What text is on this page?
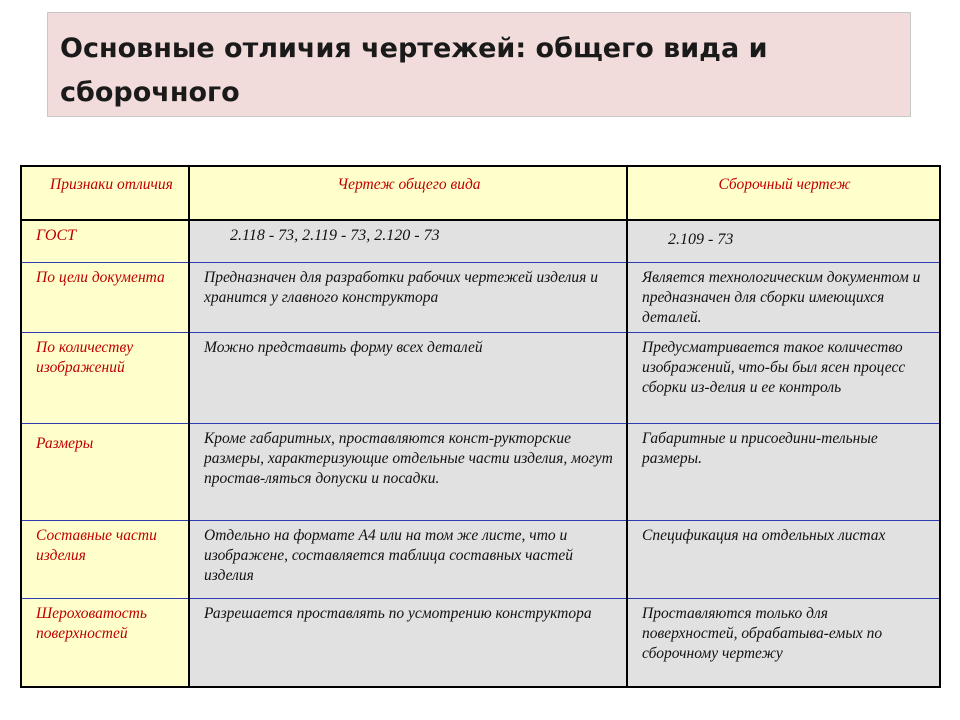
Основные отличия чертежей: общего вида и сборочного
Признаки отличия	Чертеж общего вида	Сборочный чертеж
ГОСТ	2.118 - 73, 2.119 - 73, 2.120 - 73	2.109 - 73
По цели документа	Предназначен для разработки рабочих чертежей изделия и хранится у главного конструктора	Является технологическим документом и предназначен для сборки имеющихся деталей.
По количеству изображений	Можно представить форму всех деталей	Предусматривается такое количество изображений, что-бы был ясен процесс сборки из-делия и ее контроль
Размеры	Кроме габаритных, проставляются конст-рукторские размеры, характеризующие отдельные части изделия, могут простав-ляться допуски и посадки.	Габаритные и присоедини-тельные размеры.
Составные части изделия	Отдельно на формате А4 или на том же листе, что и изображене, составляется таблица составных частей изделия	Спецификация на отдельных листах
Шероховатость поверхностей	Разрешается проставлять по усмотрению конструктора	Проставляются только для поверхностей, обрабатыва-емых по сборочному чертежу
